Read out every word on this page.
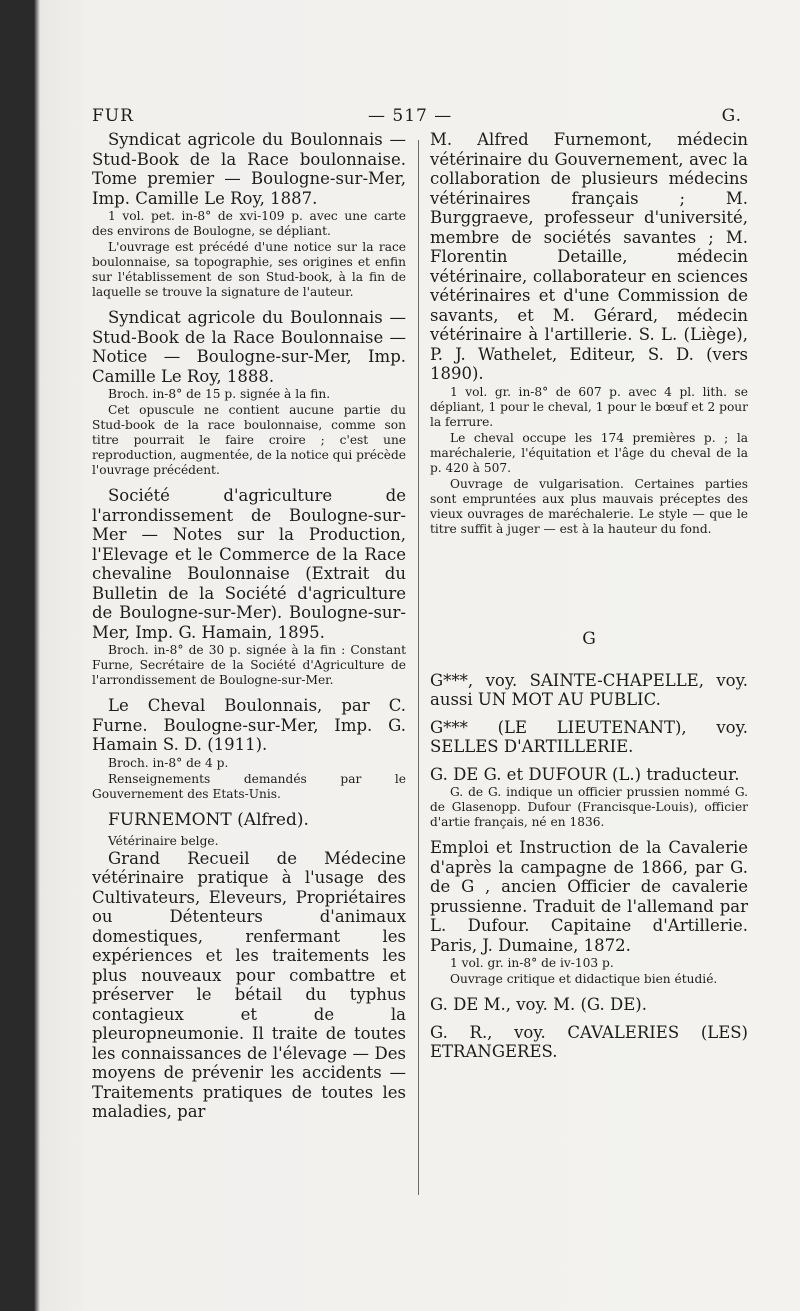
FUR	— 517 —	G.

Syndicat agricole du Boulonnais — Stud-Book de la Race boulonnaise. Tome premier — Boulogne-sur-Mer, Imp. Camille Le Roy, 1887.

1 vol. pet. in-8° de xvi-109 p. avec une carte des environs de Boulogne, se dépliant.

L'ouvrage est précédé d'une notice sur la race boulonnaise, sa topographie, ses origines et enfin sur l'établissement de son Stud-book, à la fin de laquelle se trouve la signature de l'auteur.

Syndicat agricole du Boulonnais — Stud-Book de la Race Boulonnaise — Notice — Boulogne-sur-Mer, Imp. Camille Le Roy, 1888.

Broch. in-8° de 15 p. signée à la fin.

Cet opuscule ne contient aucune partie du Stud-book de la race boulonnaise, comme son titre pourrait le faire croire ; c'est une reproduction, augmentée, de la notice qui précède l'ouvrage précédent.

Société d'agriculture de l'arrondissement de Boulogne-sur-Mer — Notes sur la Production, l'Elevage et le Commerce de la Race chevaline Boulonnaise (Extrait du Bulletin de la Société d'agriculture de Boulogne-sur-Mer). Boulogne-sur-Mer, Imp. G. Hamain, 1895.

Broch. in-8° de 30 p. signée à la fin : Constant Furne, Secrétaire de la Société d'Agriculture de l'arrondissement de Boulogne-sur-Mer.

Le Cheval Boulonnais, par C. Furne. Boulogne-sur-Mer, Imp. G. Hamain S. D. (1911).

Broch. in-8° de 4 p.

Renseignements demandés par le Gouvernement des Etats-Unis.

FURNEMONT (Alfred).

Vétérinaire belge.

Grand Recueil de Médecine vétérinaire pratique à l'usage des Cultivateurs, Eleveurs, Propriétaires ou Détenteurs d'animaux domestiques, renfermant les expériences et les traitements les plus nouveaux pour combattre et préserver le bétail du typhus contagieux et de la pleuropneumonie. Il traite de toutes les connaissances de l'élevage — Des moyens de prévenir les accidents — Traitements pratiques de toutes les maladies, par

M. Alfred Furnemont, médecin vétérinaire du Gouvernement, avec la collaboration de plusieurs médecins vétérinaires français ; M. Burggraeve, professeur d'université, membre de sociétés savantes ; M. Florentin Detaille, médecin vétérinaire, collaborateur en sciences vétérinaires et d'une Commission de savants, et M. Gérard, médecin vétérinaire à l'artillerie. S. L. (Liège), P. J. Wathelet, Editeur, S. D. (vers 1890).

1 vol. gr. in-8° de 607 p. avec 4 pl. lith. se dépliant, 1 pour le cheval, 1 pour le bœuf et 2 pour la ferrure.

Le cheval occupe les 174 premières p. ; la maréchalerie, l'équitation et l'âge du cheval de la p. 420 à 507.

Ouvrage de vulgarisation. Certaines parties sont empruntées aux plus mauvais préceptes des vieux ouvrages de maréchalerie. Le style — que le titre suffit à juger — est à la hauteur du fond.

G

G***, voy. SAINTE-CHAPELLE, voy. aussi UN MOT AU PUBLIC.

G*** (LE LIEUTENANT), voy. SELLES D'ARTILLERIE.

G. DE G. et DUFOUR (L.) traducteur.

G. de G. indique un officier prussien nommé G. de Glasenopp. Dufour (Francisque-Louis), officier d'artie français, né en 1836.

Emploi et Instruction de la Cavalerie d'après la campagne de 1866, par G. de G , ancien Officier de cavalerie prussienne. Traduit de l'allemand par L. Dufour. Capitaine d'Artillerie. Paris, J. Dumaine, 1872.

1 vol. gr. in-8° de iv-103 p.

Ouvrage critique et didactique bien étudié.

G. DE M., voy. M. (G. DE).

G. R., voy. CAVALERIES (LES) ETRANGERES.
